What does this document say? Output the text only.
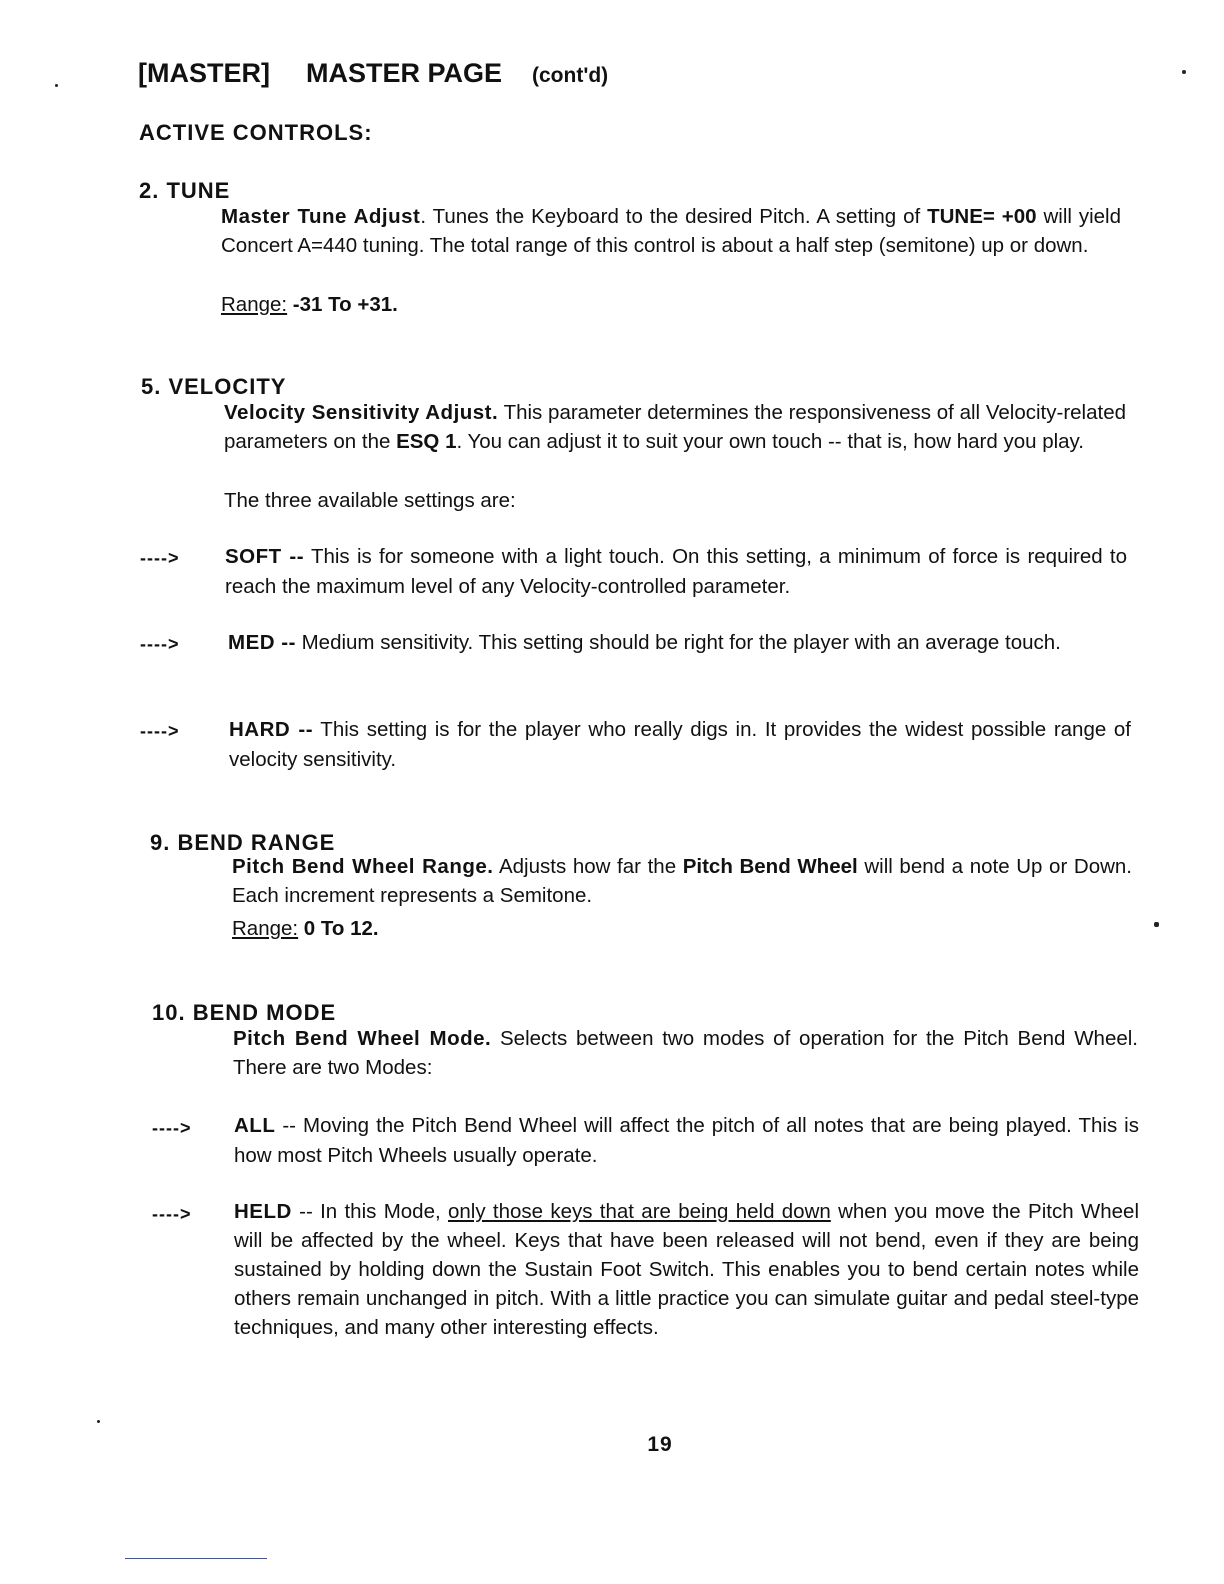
[MASTER] MASTER PAGE (cont'd)
ACTIVE CONTROLS:
2. TUNE
Master Tune Adjust. Tunes the Keyboard to the desired Pitch. A setting of TUNE= +00 will yield Concert A=440 tuning. The total range of this control is about a half step (semitone) up or down.
Range: -31 To +31.
5. VELOCITY
Velocity Sensitivity Adjust. This parameter determines the responsiveness of all Velocity-related parameters on the ESQ 1. You can adjust it to suit your own touch -- that is, how hard you play.
The three available settings are:
----> SOFT -- This is for someone with a light touch. On this setting, a minimum of force is required to reach the maximum level of any Velocity-controlled parameter.
----> MED -- Medium sensitivity. This setting should be right for the player with an average touch.
----> HARD -- This setting is for the player who really digs in. It provides the widest possible range of velocity sensitivity.
9. BEND RANGE
Pitch Bend Wheel Range. Adjusts how far the Pitch Bend Wheel will bend a note Up or Down. Each increment represents a Semitone.
Range: 0 To 12.
10. BEND MODE
Pitch Bend Wheel Mode. Selects between two modes of operation for the Pitch Bend Wheel. There are two Modes:
----> ALL -- Moving the Pitch Bend Wheel will affect the pitch of all notes that are being played. This is how most Pitch Wheels usually operate.
----> HELD -- In this Mode, only those keys that are being held down when you move the Pitch Wheel will be affected by the wheel. Keys that have been released will not bend, even if they are being sustained by holding down the Sustain Foot Switch. This enables you to bend certain notes while others remain unchanged in pitch. With a little practice you can simulate guitar and pedal steel-type techniques, and many other interesting effects.
19
